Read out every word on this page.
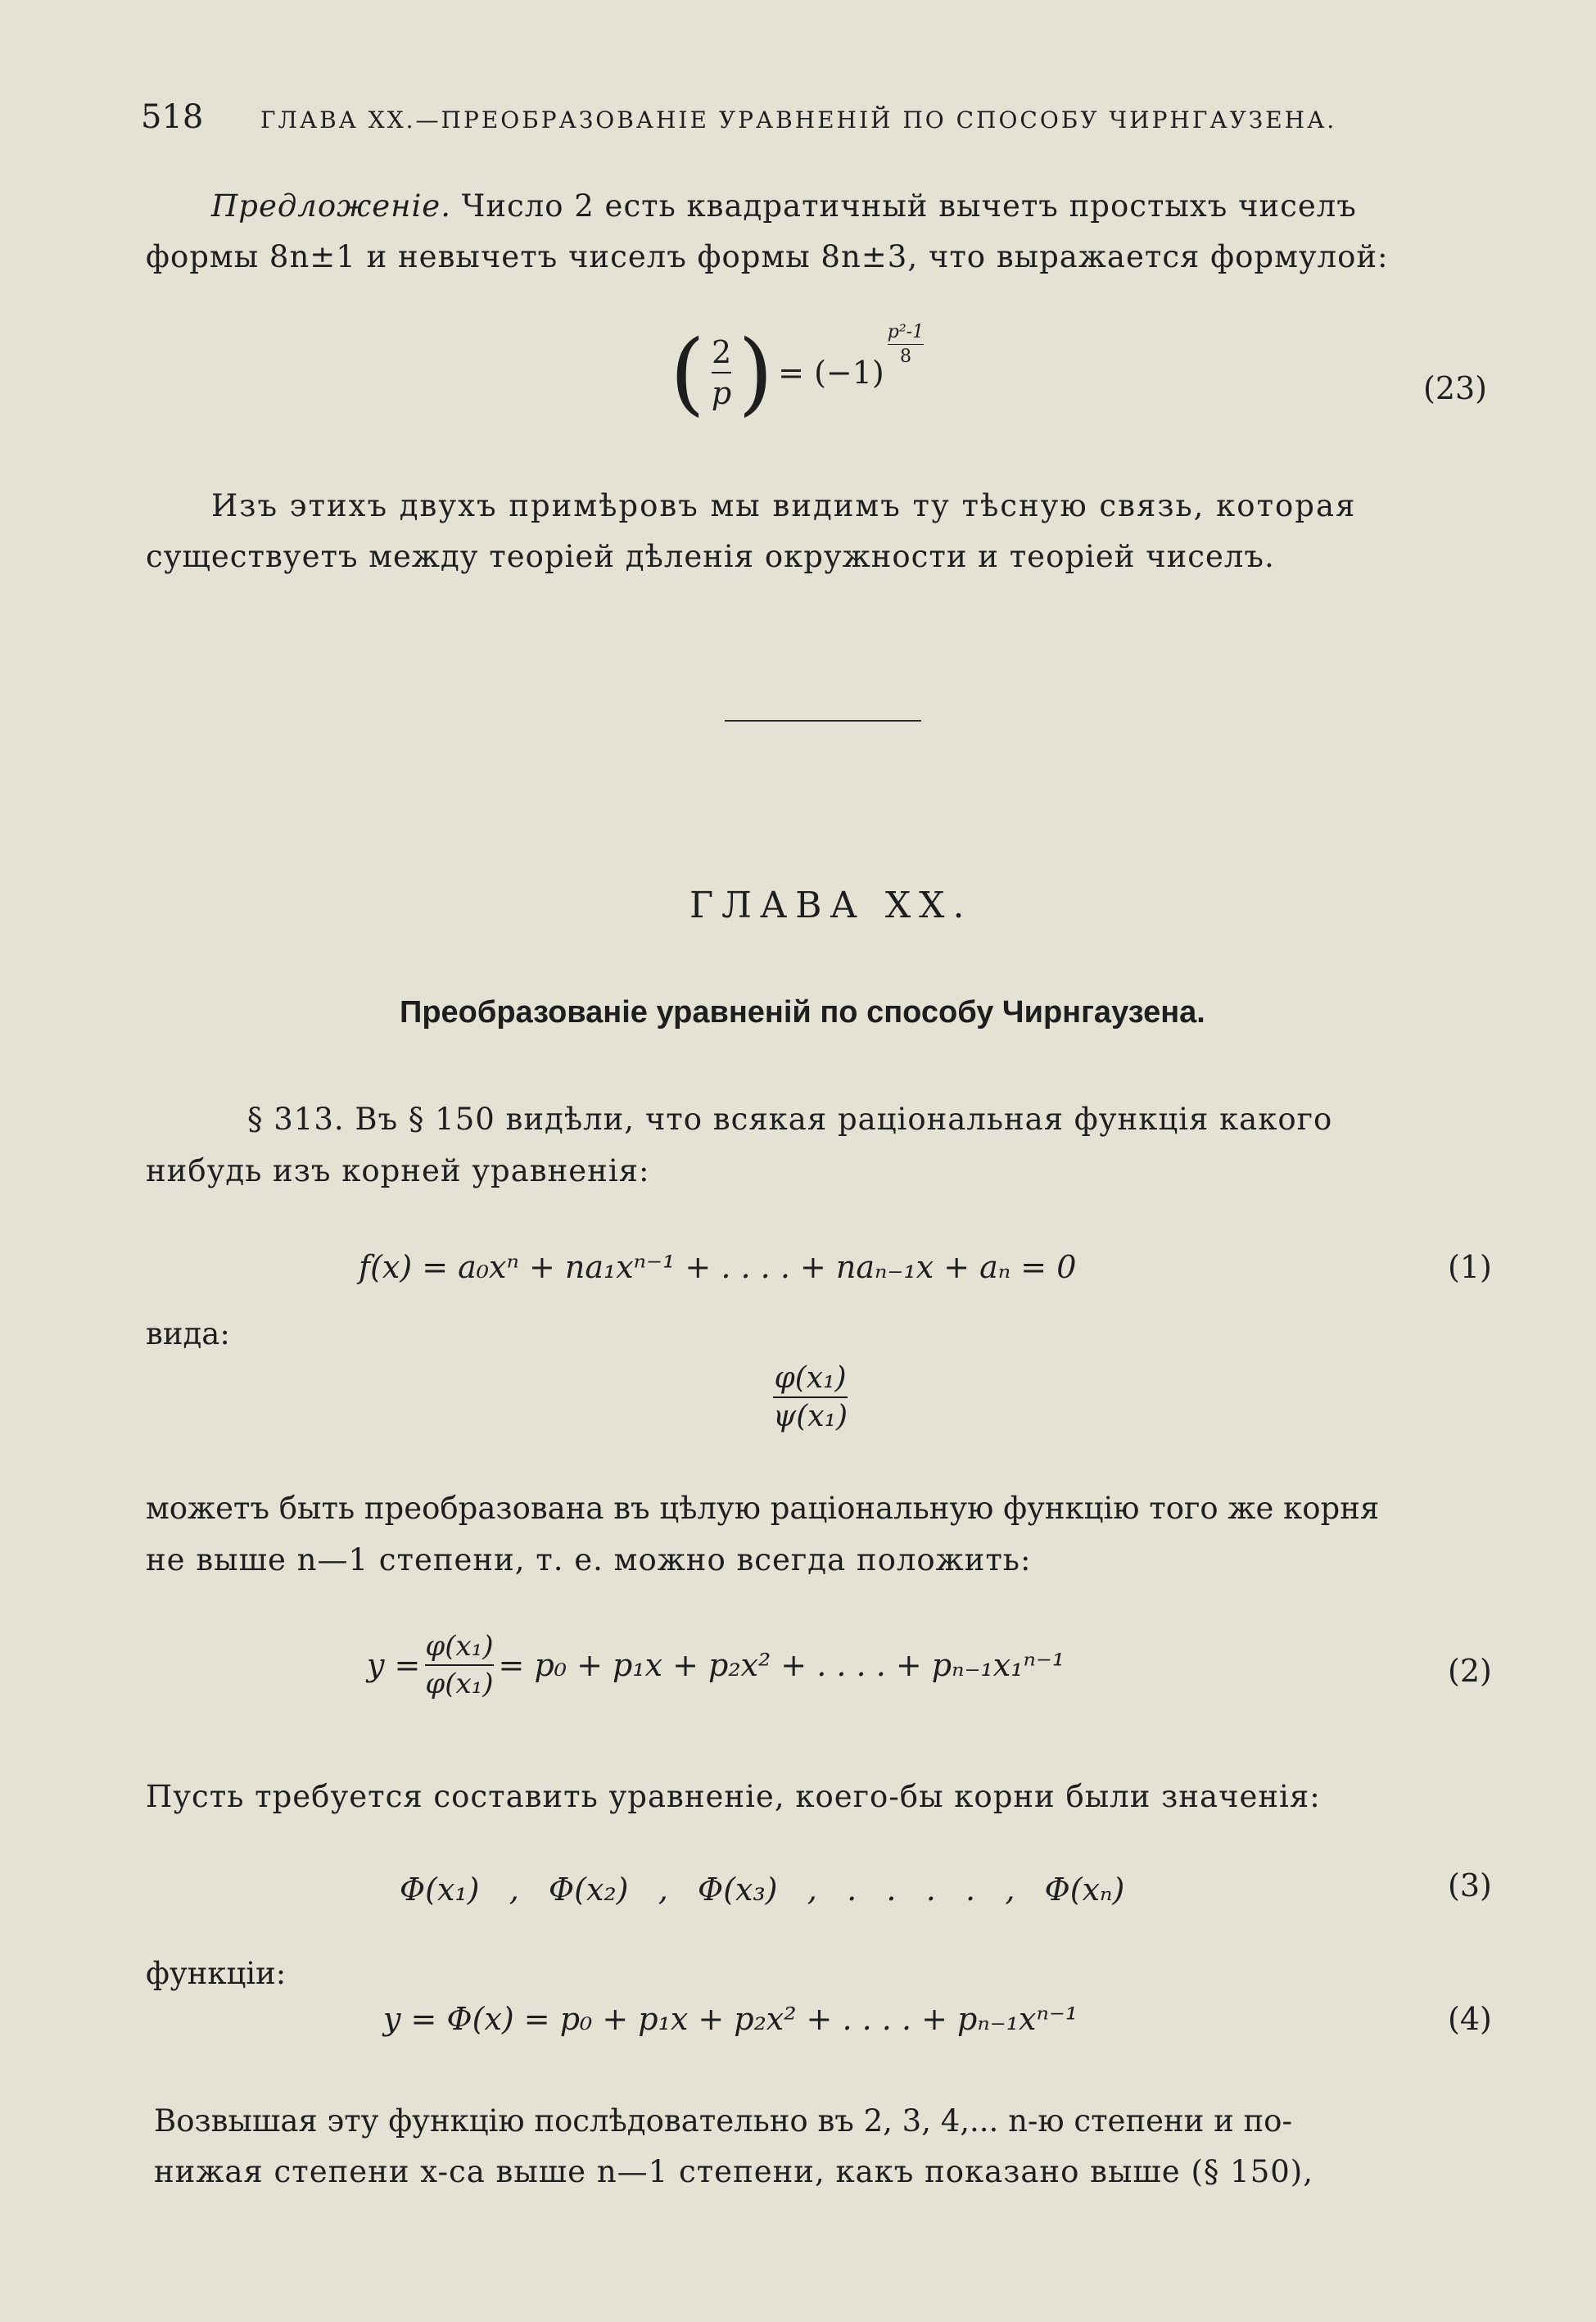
518 ГЛАВА XX.—ПРЕОБРАЗОВАНІЕ УРАВНЕНІЙ ПО СПОСОБУ ЧИРНГАУЗЕНА.
Предложеніе. Число 2 есть квадратичный вычетъ простыхъ чиселъ
формы 8n±1 и невычетъ чиселъ формы 8n±3, что выражается формулой:
( 2
p ) = (−1)
p²-1
8
(23)
Изъ этихъ двухъ примѣровъ мы видимъ ту тѣсную связь, которая
существуетъ между теоріей дѣленія окружности и теоріей чиселъ.
ГЛАВА XX.
Преобразованіе уравненій по способу Чирнгаузена.
§ 313. Въ § 150 видѣли, что всякая раціональная функція какого
нибудь изъ корней уравненія:
f(x) = a₀xⁿ + na₁xⁿ⁻¹ + . . . . + naₙ₋₁x + aₙ = 0	(1)
вида:
$\frac{\text{φ(x₁)}}{\text{ψ(x₁)}}$
можетъ быть преобразована въ цѣлую раціональную функцію того же корня
не выше n—1 степени, т. е. можно всегда положить:
y =
φ(x₁)
φ(x₁)
= p₀ + p₁x + p₂x² + . . . . + pₙ₋₁x₁ⁿ⁻¹	(2)
Пусть требуется составить уравненіе, коего-бы корни были значенія:
Φ(x₁)   ,   Φ(x₂)   ,   Φ(x₃)   ,   .   .   .   .   ,   Φ(xₙ)	(3)
функціи:
y = Φ(x) = p₀ + p₁x + p₂x² + . . . . + pₙ₋₁xⁿ⁻¹	(4)
Возвышая эту функцію послѣдовательно въ 2, 3, 4,... n-ю степени и по-
нижая степени x-са выше n—1 степени, какъ показано выше (§ 150),
